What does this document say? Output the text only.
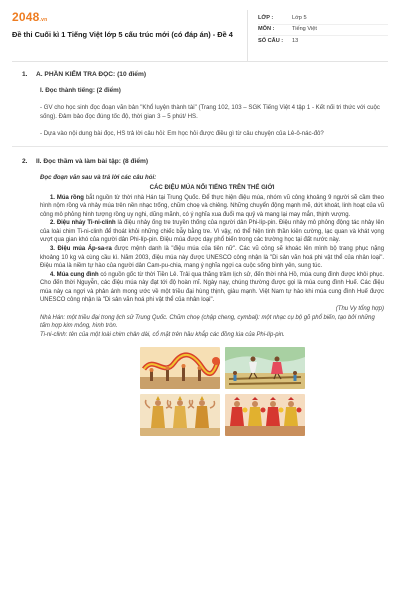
2048.vn
Đề thi Cuối kì 1 Tiếng Việt lớp 5 cấu trúc mới (có đáp án) - Đề 4
LỚP :	Lớp 5
MÔN :	Tiếng Việt
SỐ CÂU :	13
1.	A. PHẦN KIỂM TRA ĐỌC: (10 điểm)
I. Đọc thành tiếng: (2 điểm)
- GV cho học sinh đọc đoạn văn bản "Khổ luyện thành tài" (Trang 102, 103 – SGK Tiếng Việt 4 tập 1 - Kết nối tri thức với cuộc sống). Đảm bảo đọc đúng tốc độ, thời gian 3 – 5 phút/ HS.
- Dựa vào nội dung bài đọc, HS trả lời câu hỏi: Em học hỏi được điều gì từ câu chuyện của Lê-ô-nác-đô?
2.	II. Đọc thầm và làm bài tập: (8 điểm)
Đọc đoạn văn sau và trả lời các câu hỏi:
CÁC ĐIỆU MÚA NỔI TIẾNG TRÊN THẾ GIỚI

1. Múa rồng bắt nguồn từ thời nhà Hán tại Trung Quốc. Để thực hiện điệu múa, nhóm vũ công khoảng 9 người sẽ cầm theo hình nộm rồng và nhảy múa trên nền nhạc trống, chũm choẹ và chiêng. Những chuyển động mạnh mẽ, dứt khoát, linh hoạt của vũ công mô phỏng hình tượng rồng uy nghi, dũng mãnh, có ý nghĩa xua đuổi ma quỷ và mang lại may mắn, thịnh vượng.

2. Điệu nhảy Ti-ni-clinh là điệu nhảy ống tre truyền thống của người dân Phi-líp-pin. Điệu nhảy mô phỏng động tác nhảy lên của loài chim Ti-ni-clinh để thoát khỏi những chiếc bẫy bằng tre. Vì vậy, nó thể hiện tinh thần kiên cường, lạc quan và khát vọng vượt qua gian khó của người dân Phi-líp-pin. Điệu múa được dạy phổ biến trong các trường học tại đất nước này.

3. Điệu múa Áp-sa-ra được mệnh danh là "điệu múa của tiên nữ". Các vũ công sẽ khoác lên mình bộ trang phục nặng khoảng 10 kg và cùng cầu kì. Năm 2003, điệu múa này được UNESCO công nhận là "Di sản văn hoá phi vật thể của nhân loại". Điệu múa là niềm tự hào của người dân Cam-pu-chia, mang ý nghĩa ngợi ca cuộc sống bình yên, sung túc.

4. Múa cung đình có nguồn gốc từ thời Tiền Lê. Trải qua thăng trầm lịch sử, đến thời nhà Hồ, múa cung đình được khôi phục. Cho đến thời Nguyễn, các điệu múa này đạt tới độ hoàn mĩ. Ngày nay, chúng thường được gọi là múa cung đình Huế. Các điệu múa này ca ngợi và phản ánh mong ước về một triều đại hùng thịnh, giàu mạnh. Việt Nam tự hào khi múa cung đình Huế được UNESCO công nhận là "Di sản văn hoá phi vật thể của nhân loại".

(Thu Vy tổng hợp)
Nhà Hán: một triều đại trong lịch sử Trung Quốc. Chũm choẹ (chập cheng, cymbal): một nhạc cụ bộ gõ phổ biến, tạo bởi những tấm hợp kim mỏng, hình tròn.
Ti-ni-clinh: tên của một loài chim chân dài, cổ mặt trên hầu khắp các đồng lúa của Phi-líp-pin.
